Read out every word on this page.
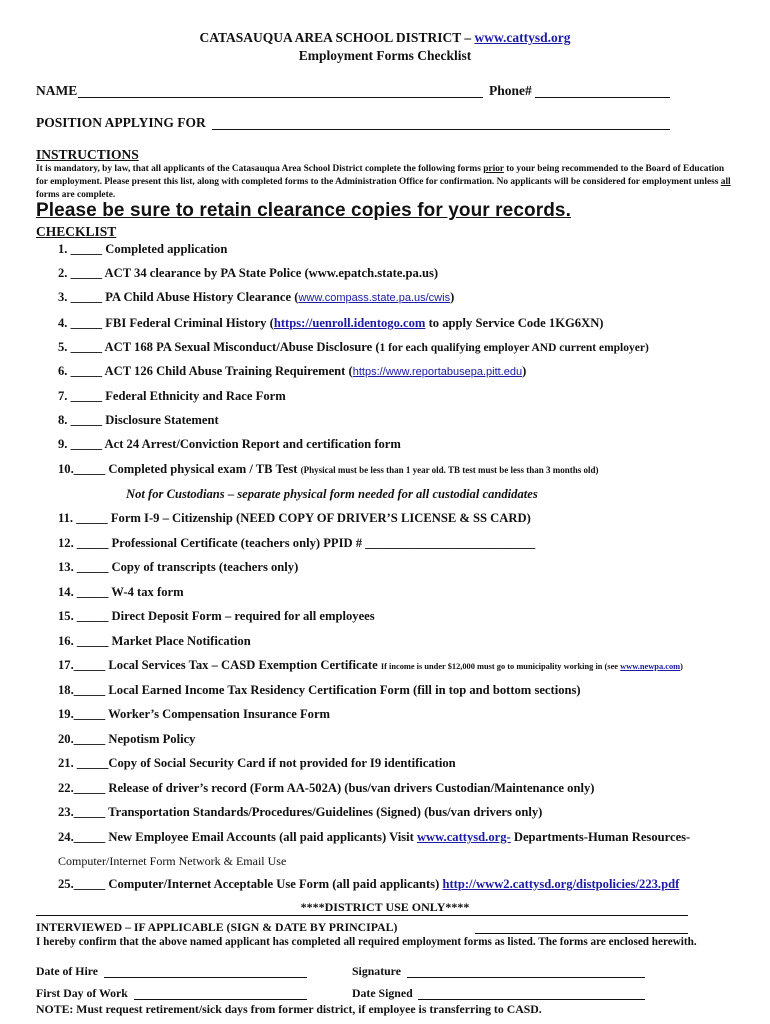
CATASAUQUA AREA SCHOOL DISTRICT – www.cattysd.org
Employment Forms Checklist
NAME	Phone#
POSITION APPLYING FOR
INSTRUCTIONS
It is mandatory, by law, that all applicants of the Catasauqua Area School District complete the following forms prior to your being recommended to the Board of Education for employment. Please present this list, along with completed forms to the Administration Office for confirmation. No applicants will be considered for employment unless all forms are complete.
Please be sure to retain clearance copies for your records.
CHECKLIST
1. _____ Completed application
2. _____ ACT 34 clearance by PA State Police (www.epatch.state.pa.us)
3. _____ PA Child Abuse History Clearance (www.compass.state.pa.us/cwis)
4. _____ FBI Federal Criminal History (https://uenroll.identogo.com to apply Service Code 1KG6XN)
5. _____ ACT 168 PA Sexual Misconduct/Abuse Disclosure (1 for each qualifying employer AND current employer)
6. _____ ACT 126 Child Abuse Training Requirement (https://www.reportabusepa.pitt.edu)
7. _____ Federal Ethnicity and Race Form
8. _____ Disclosure Statement
9. _____ Act 24 Arrest/Conviction Report and certification form
10._____ Completed physical exam / TB Test (Physical must be less than 1 year old. TB test must be less than 3 months old)
Not for Custodians – separate physical form needed for all custodial candidates
11. _____ Form I-9 – Citizenship (NEED COPY OF DRIVER’S LICENSE & SS CARD)
12. _____ Professional Certificate (teachers only) PPID # ___________________________
13. _____ Copy of transcripts (teachers only)
14. _____ W-4 tax form
15. _____ Direct Deposit Form – required for all employees
16. _____ Market Place Notification
17._____ Local Services Tax – CASD Exemption Certificate If income is under $12,000 must go to municipality working in (see www.newpa.com)
18._____ Local Earned Income Tax Residency Certification Form (fill in top and bottom sections)
19._____ Worker’s Compensation Insurance Form
20._____ Nepotism Policy
21. _____Copy of Social Security Card if not provided for I9 identification
22._____ Release of driver’s record (Form AA-502A) (bus/van drivers Custodian/Maintenance only)
23._____ Transportation Standards/Procedures/Guidelines (Signed) (bus/van drivers only)
24._____ New Employee Email Accounts (all paid applicants) Visit www.cattysd.org- Departments-Human Resources-
Computer/Internet Form Network & Email Use
25._____ Computer/Internet Acceptable Use Form (all paid applicants) http://www2.cattysd.org/distpolicies/223.pdf
****DISTRICT USE ONLY****
INTERVIEWED – IF APPLICABLE (SIGN & DATE BY PRINCIPAL)
I hereby confirm that the above named applicant has completed all required employment forms as listed. The forms are enclosed herewith.
Date of Hire	Signature
First Day of Work	Date Signed
NOTE: Must request retirement/sick days from former district, if employee is transferring to CASD.
